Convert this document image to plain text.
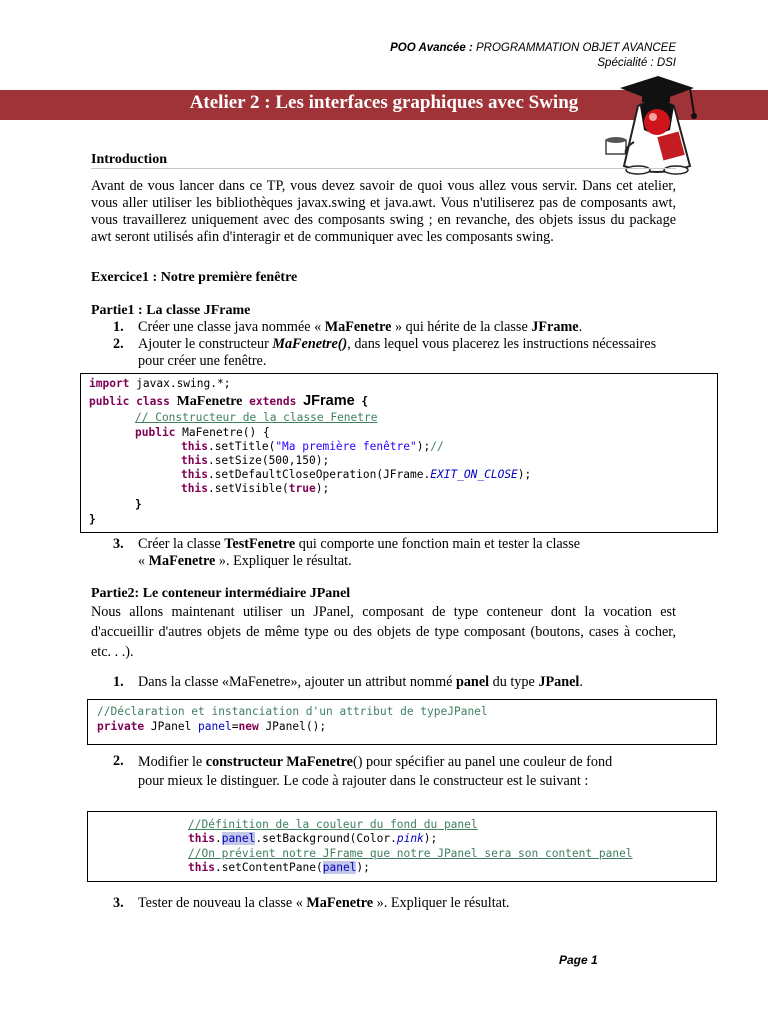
POO Avancée : PROGRAMMATION OBJET AVANCEE
Spécialité : DSI
Atelier 2 : Les interfaces graphiques avec Swing
Introduction
Avant de vous lancer dans ce TP, vous devez savoir de quoi vous allez vous servir. Dans cet atelier, vous aller utiliser les bibliothèques javax.swing et java.awt. Vous n'utiliserez pas de composants awt, vous travaillerez uniquement avec des composants swing ; en revanche, des objets issus du package awt seront utilisés afin d'interagir et de communiquer avec les composants swing.
Exercice1 : Notre première fenêtre
Partie1 : La classe JFrame
1. Créer une classe java nommée « MaFenetre » qui hérite de la classe JFrame.
2. Ajouter le constructeur MaFenetre(), dans lequel vous placerez les instructions nécessaires pour créer une fenêtre.
import javax.swing.*;
public class MaFenetre extends JFrame {
// Constructeur de la classe Fenetre
public MaFenetre() {
this.setTitle("Ma première fenêtre");//
this.setSize(500,150);
this.setDefaultCloseOperation(JFrame.EXIT_ON_CLOSE);
this.setVisible(true);
}
}
3. Créer la classe TestFenetre qui comporte une fonction main et tester la classe
« MaFenetre ». Expliquer le résultat.
Partie2: Le conteneur intermédiaire JPanel
Nous allons maintenant utiliser un JPanel, composant de type conteneur dont la vocation est d'accueillir d'autres objets de même type ou des objets de type composant (boutons, cases à cocher, etc. . .).
1. Dans la classe «MaFenetre», ajouter un attribut nommé panel du type JPanel.
//Déclaration et instanciation d'un attribut de typeJPanel
private JPanel panel=new JPanel();
2. Modifier le constructeur MaFenetre() pour spécifier au panel une couleur de fond
pour mieux le distinguer. Le code à rajouter dans le constructeur est le suivant :
//Définition de la couleur du fond du panel
this.panel.setBackground(Color.pink);
//On prévient notre JFrame que notre JPanel sera son content panel
this.setContentPane(panel);
3. Tester de nouveau la classe « MaFenetre ». Expliquer le résultat.
Page 1
